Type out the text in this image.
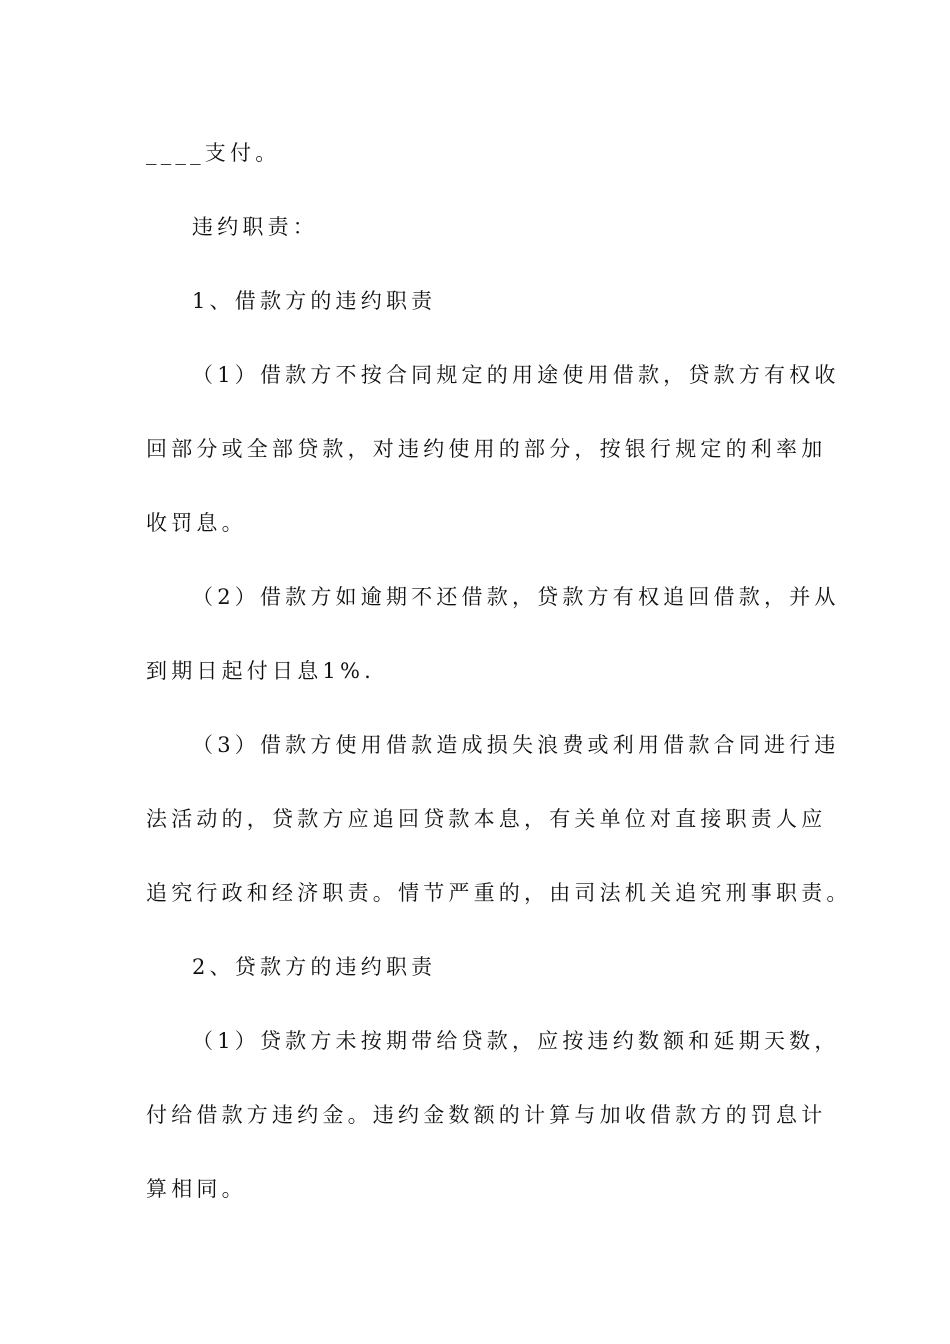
____支付。
违约职责：
1、借款方的违约职责
（1）借款方不按合同规定的用途使用借款，贷款方有权收
回部分或全部贷款，对违约使用的部分，按银行规定的利率加
收罚息。
（2）借款方如逾期不还借款，贷款方有权追回借款，并从
到期日起付日息1%.
（3）借款方使用借款造成损失浪费或利用借款合同进行违
法活动的，贷款方应追回贷款本息，有关单位对直接职责人应
追究行政和经济职责。情节严重的，由司法机关追究刑事职责。
2、贷款方的违约职责
（1）贷款方未按期带给贷款，应按违约数额和延期天数，
付给借款方违约金。违约金数额的计算与加收借款方的罚息计
算相同。
